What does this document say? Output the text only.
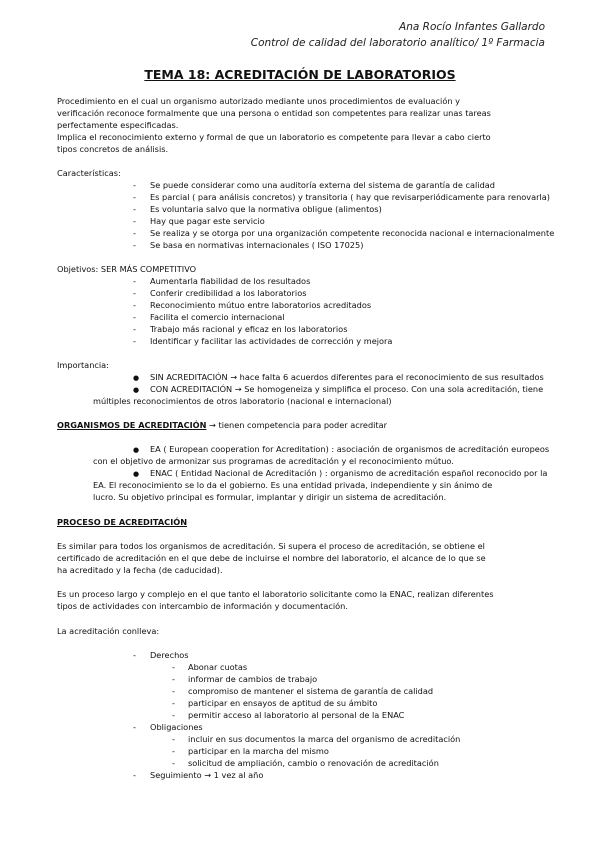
Ana Rocío Infantes Gallardo
Control de calidad del laboratorio analítico/ 1º Farmacia
TEMA 18: ACREDITACIÓN DE LABORATORIOS
Procedimiento en el cual un organismo autorizado mediante unos procedimientos de evaluación y
verificación reconoce formalmente que una persona o entidad son competentes para realizar unas tareas
perfectamente especificadas.
Implica el reconocimiento externo y formal de que un laboratorio es competente para llevar a cabo cierto
tipos concretos de análisis.
Características:
- Se puede considerar como una auditoría externa del sistema de garantía de calidad
- Es parcial ( para análisis concretos) y transitoria ( hay que revisarperiódicamente para renovarla)
- Es voluntaria salvo que la normativa obligue (alimentos)
- Hay que pagar este servicio
- Se realiza y se otorga por una organización competente reconocida nacional e internacionalmente
- Se basa en normativas internacionales ( ISO 17025)
Objetivos: SER MÁS COMPETITIVO
- Aumentarla fiabilidad de los resultados
- Conferir credibilidad a los laboratorios
- Reconocimiento mútuo entre laboratorios acreditados
- Facilita el comercio internacional
- Trabajo más racional y eficaz en los laboratorios
- Identificar y facilitar las actividades de corrección y mejora
Importancia:
● SIN ACREDITACIÓN → hace falta 6 acuerdos diferentes para el reconocimiento de sus resultados
● CON ACREDITACIÓN → Se homogeneiza y simplifica el proceso. Con una sola acreditación, tiene
múltiples reconocimientos de otros laboratorio (nacional e internacional)
ORGANISMOS DE ACREDITACIÓN → tienen competencia para poder acreditar
● EA ( European cooperation for Acreditation) : asociación de organismos de acreditación europeos
con el objetivo de armonizar sus programas de acreditación y el reconocimiento mútuo.
● ENAC ( Entidad Nacional de Acreditación ) : organismo de acreditación español reconocido por la
EA. El reconocimiento se lo da el gobierno. Es una entidad privada, independiente y sin ánimo de
lucro. Su objetivo principal es formular, implantar y dirigir un sistema de acreditación.
PROCESO DE ACREDITACIÓN
Es similar para todos los organismos de acreditación. Si supera el proceso de acreditación, se obtiene el
certificado de acreditación en el que debe de incluirse el nombre del laboratorio, el alcance de lo que se
ha acreditado y la fecha (de caducidad).
Es un proceso largo y complejo en el que tanto el laboratorio solicitante como la ENAC, realizan diferentes
tipos de actividades con intercambio de información y documentación.
La acreditación conlleva:
- Derechos
- Abonar cuotas
- informar de cambios de trabajo
- compromiso de mantener el sistema de garantía de calidad
- participar en ensayos de aptitud de su ámbito
- permitir acceso al laboratorio al personal de la ENAC
- Obligaciones
- incluir en sus documentos la marca del organismo de acreditación
- participar en la marcha del mismo
- solicitud de ampliación, cambio o renovación de acreditación
- Seguimiento → 1 vez al año
